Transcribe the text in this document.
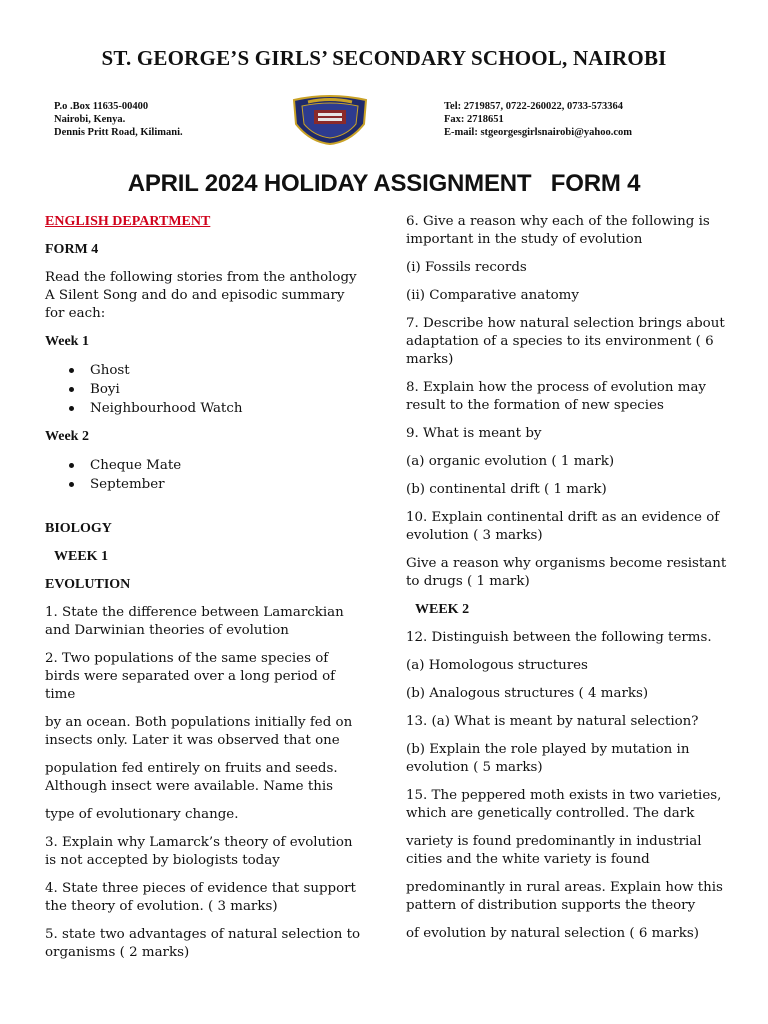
ST. GEORGE’S GIRLS’ SECONDARY SCHOOL, NAIROBI
P.o .Box 11635-00400
Nairobi, Kenya.
Dennis Pritt Road, Kilimani.
Tel: 2719857, 0722-260022, 0733-573364
Fax: 2718651
E-mail: stgeorgesgirlsnairobi@yahoo.com
APRIL 2024 HOLIDAY ASSIGNMENT   FORM 4

ENGLISH DEPARTMENT

FORM 4

Read the following stories from the anthology A Silent Song and do and episodic summary for each:

Week 1

Ghost
Boyi
Neighbourhood Watch

Week 2

Cheque Mate
September

BIOLOGY

WEEK 1

EVOLUTION

1. State the difference between Lamarckian and Darwinian theories of evolution

2. Two populations of the same species of birds were separated over a long period of time

by an ocean. Both populations initially fed on insects only. Later it was observed that one

population fed entirely on fruits and seeds. Although insect were available. Name this

type of evolutionary change.

3. Explain why Lamarck’s theory of evolution is not accepted by biologists today

4. State three pieces of evidence that support the theory of evolution. ( 3 marks)

5. state two advantages of natural selection to organisms ( 2 marks)

6. Give a reason why each of the following is important in the study of evolution

(i) Fossils records

(ii) Comparative anatomy

7. Describe how natural selection brings about adaptation of a species to its environment ( 6 marks)

8. Explain how the process of evolution may result to the formation of new species

9. What is meant by

(a) organic evolution ( 1 mark)

(b) continental drift ( 1 mark)

10. Explain continental drift as an evidence of evolution ( 3 marks)

Give a reason why organisms become resistant to drugs ( 1 mark)

WEEK 2

12. Distinguish between the following terms.

(a) Homologous structures

(b) Analogous structures ( 4 marks)

13. (a) What is meant by natural selection?

(b) Explain the role played by mutation in evolution ( 5 marks)

15. The peppered moth exists in two varieties, which are genetically controlled. The dark

variety is found predominantly in industrial cities and the white variety is found

predominantly in rural areas. Explain how this pattern of distribution supports the theory

of evolution by natural selection ( 6 marks)
